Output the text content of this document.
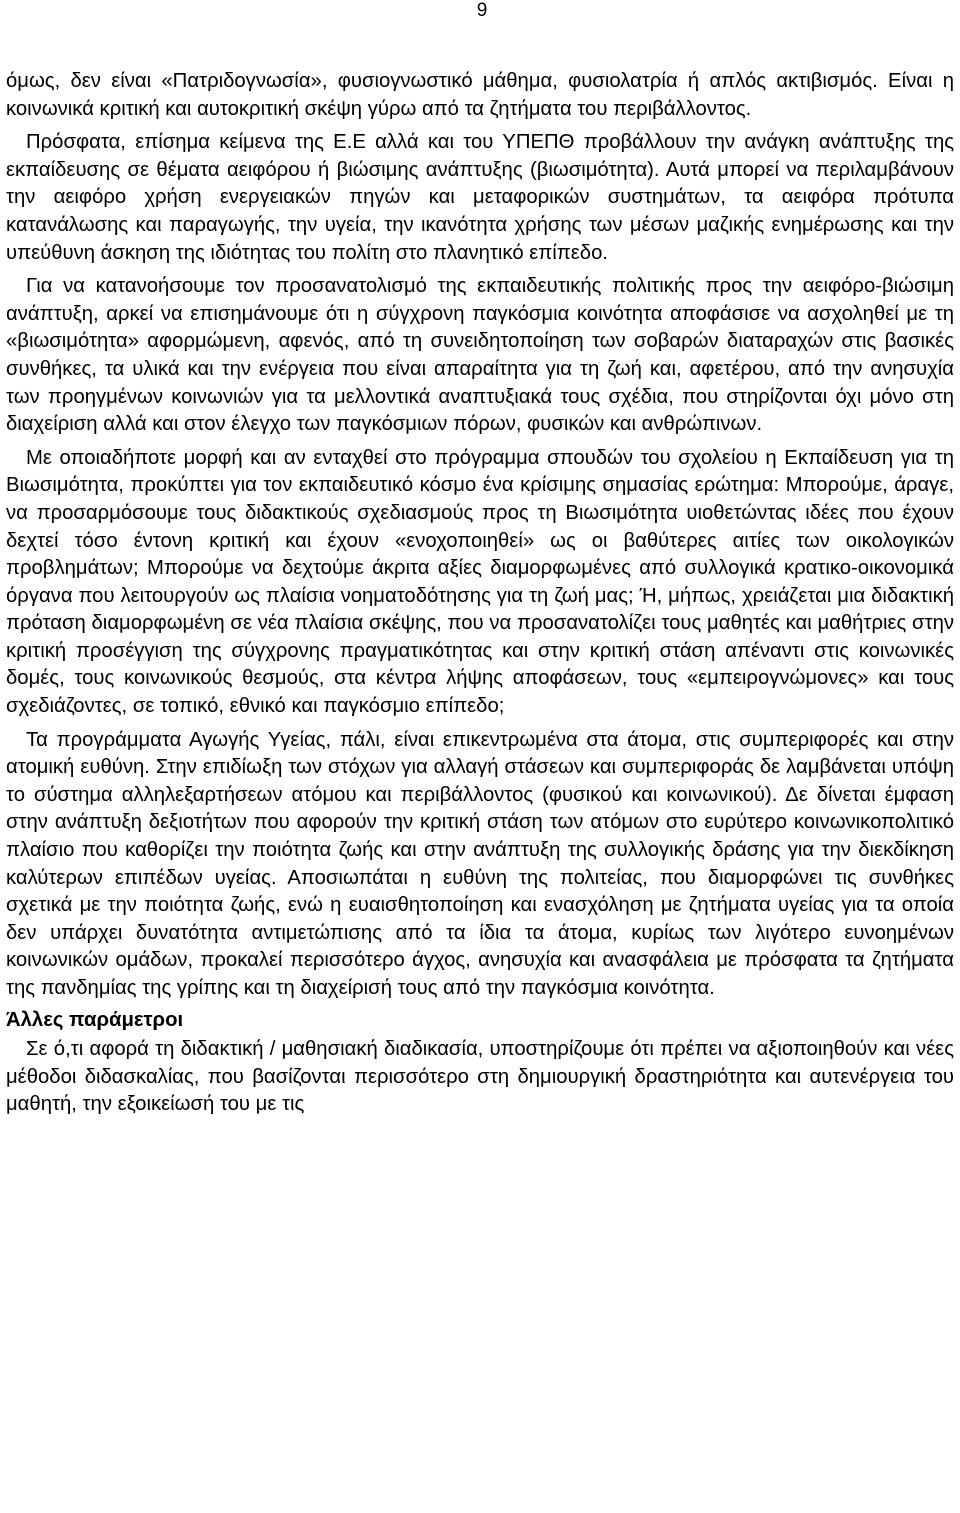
9

όμως, δεν είναι «Πατριδογνωσία», φυσιογνωστικό μάθημα, φυσιολατρία ή απλός ακτιβισμός. Είναι η κοινωνικά κριτική και αυτοκριτική σκέψη γύρω από τα ζητήματα του περιβάλλοντος.

Πρόσφατα, επίσημα κείμενα της Ε.Ε αλλά και του ΥΠΕΠΘ προβάλλουν την ανάγκη ανάπτυξης της εκπαίδευσης σε θέματα αειφόρου ή βιώσιμης ανάπτυξης (βιωσιμότητα). Αυτά μπορεί να περιλαμβάνουν την αειφόρο χρήση ενεργειακών πηγών και μεταφορικών συστημάτων, τα αειφόρα πρότυπα κατανάλωσης και παραγωγής, την υγεία, την ικανότητα χρήσης των μέσων μαζικής ενημέρωσης και την υπεύθυνη άσκηση της ιδιότητας του πολίτη στο πλανητικό επίπεδο.

Για να κατανοήσουμε τον προσανατολισμό της εκπαιδευτικής πολιτικής προς την αειφόρο-βιώσιμη ανάπτυξη, αρκεί να επισημάνουμε ότι η σύγχρονη παγκόσμια κοινότητα αποφάσισε να ασχοληθεί με τη «βιωσιμότητα» αφορμώμενη, αφενός, από τη συνειδητοποίηση των σοβαρών διαταραχών στις βασικές συνθήκες, τα υλικά και την ενέργεια που είναι απαραίτητα για τη ζωή και, αφετέρου, από την ανησυχία των προηγμένων κοινωνιών για τα μελλοντικά αναπτυξιακά τους σχέδια, που στηρίζονται όχι μόνο στη διαχείριση αλλά και στον έλεγχο των παγκόσμιων πόρων, φυσικών και ανθρώπινων.

Με οποιαδήποτε μορφή και αν ενταχθεί στο πρόγραμμα σπουδών του σχολείου η Εκπαίδευση για τη Βιωσιμότητα, προκύπτει για τον εκπαιδευτικό κόσμο ένα κρίσιμης σημασίας ερώτημα: Μπορούμε, άραγε, να προσαρμόσουμε τους διδακτικούς σχεδιασμούς προς τη Βιωσιμότητα υιοθετώντας ιδέες που έχουν δεχτεί τόσο έντονη κριτική και έχουν «ενοχοποιηθεί» ως οι βαθύτερες αιτίες των οικολογικών προβλημάτων; Μπορούμε να δεχτούμε άκριτα αξίες διαμορφωμένες από συλλογικά κρατικο-οικονομικά όργανα που λειτουργούν ως πλαίσια νοηματοδότησης για τη ζωή μας; Ή, μήπως, χρειάζεται μια διδακτική πρόταση διαμορφωμένη σε νέα πλαίσια σκέψης, που να προσανατολίζει τους μαθητές και μαθήτριες στην κριτική προσέγγιση της σύγχρονης πραγματικότητας και στην κριτική στάση απέναντι στις κοινωνικές δομές, τους κοινωνικούς θεσμούς, στα κέντρα λήψης αποφάσεων, τους «εμπειρογνώμονες» και τους σχεδιάζοντες, σε τοπικό, εθνικό και παγκόσμιο επίπεδο;

Τα προγράμματα Αγωγής Υγείας, πάλι, είναι επικεντρωμένα στα άτομα, στις συμπεριφορές και στην ατομική ευθύνη. Στην επιδίωξη των στόχων για αλλαγή στάσεων και συμπεριφοράς δε λαμβάνεται υπόψη το σύστημα αλληλεξαρτήσεων ατόμου και περιβάλλοντος (φυσικού και κοινωνικού). Δε δίνεται έμφαση στην ανάπτυξη δεξιοτήτων που αφορούν την κριτική στάση των ατόμων στο ευρύτερο κοινωνικοπολιτικό πλαίσιο που καθορίζει την ποιότητα ζωής και στην ανάπτυξη της συλλογικής δράσης για την διεκδίκηση καλύτερων επιπέδων υγείας. Αποσιωπάται η ευθύνη της πολιτείας, που διαμορφώνει τις συνθήκες σχετικά με την ποιότητα ζωής, ενώ η ευαισθητοποίηση και ενασχόληση με ζητήματα υγείας για τα οποία δεν υπάρχει δυνατότητα αντιμετώπισης από τα ίδια τα άτομα, κυρίως των λιγότερο ευνοημένων κοινωνικών ομάδων, προκαλεί περισσότερο άγχος, ανησυχία και ανασφάλεια με πρόσφατα τα ζητήματα της πανδημίας της γρίπης και τη διαχείρισή τους από την παγκόσμια κοινότητα.

Άλλες παράμετροι

Σε ό,τι αφορά τη διδακτική / μαθησιακή διαδικασία, υποστηρίζουμε ότι πρέπει να αξιοποιηθούν και νέες μέθοδοι διδασκαλίας, που βασίζονται περισσότερο στη δημιουργική δραστηριότητα και αυτενέργεια του μαθητή, την εξοικείωσή του με τις
